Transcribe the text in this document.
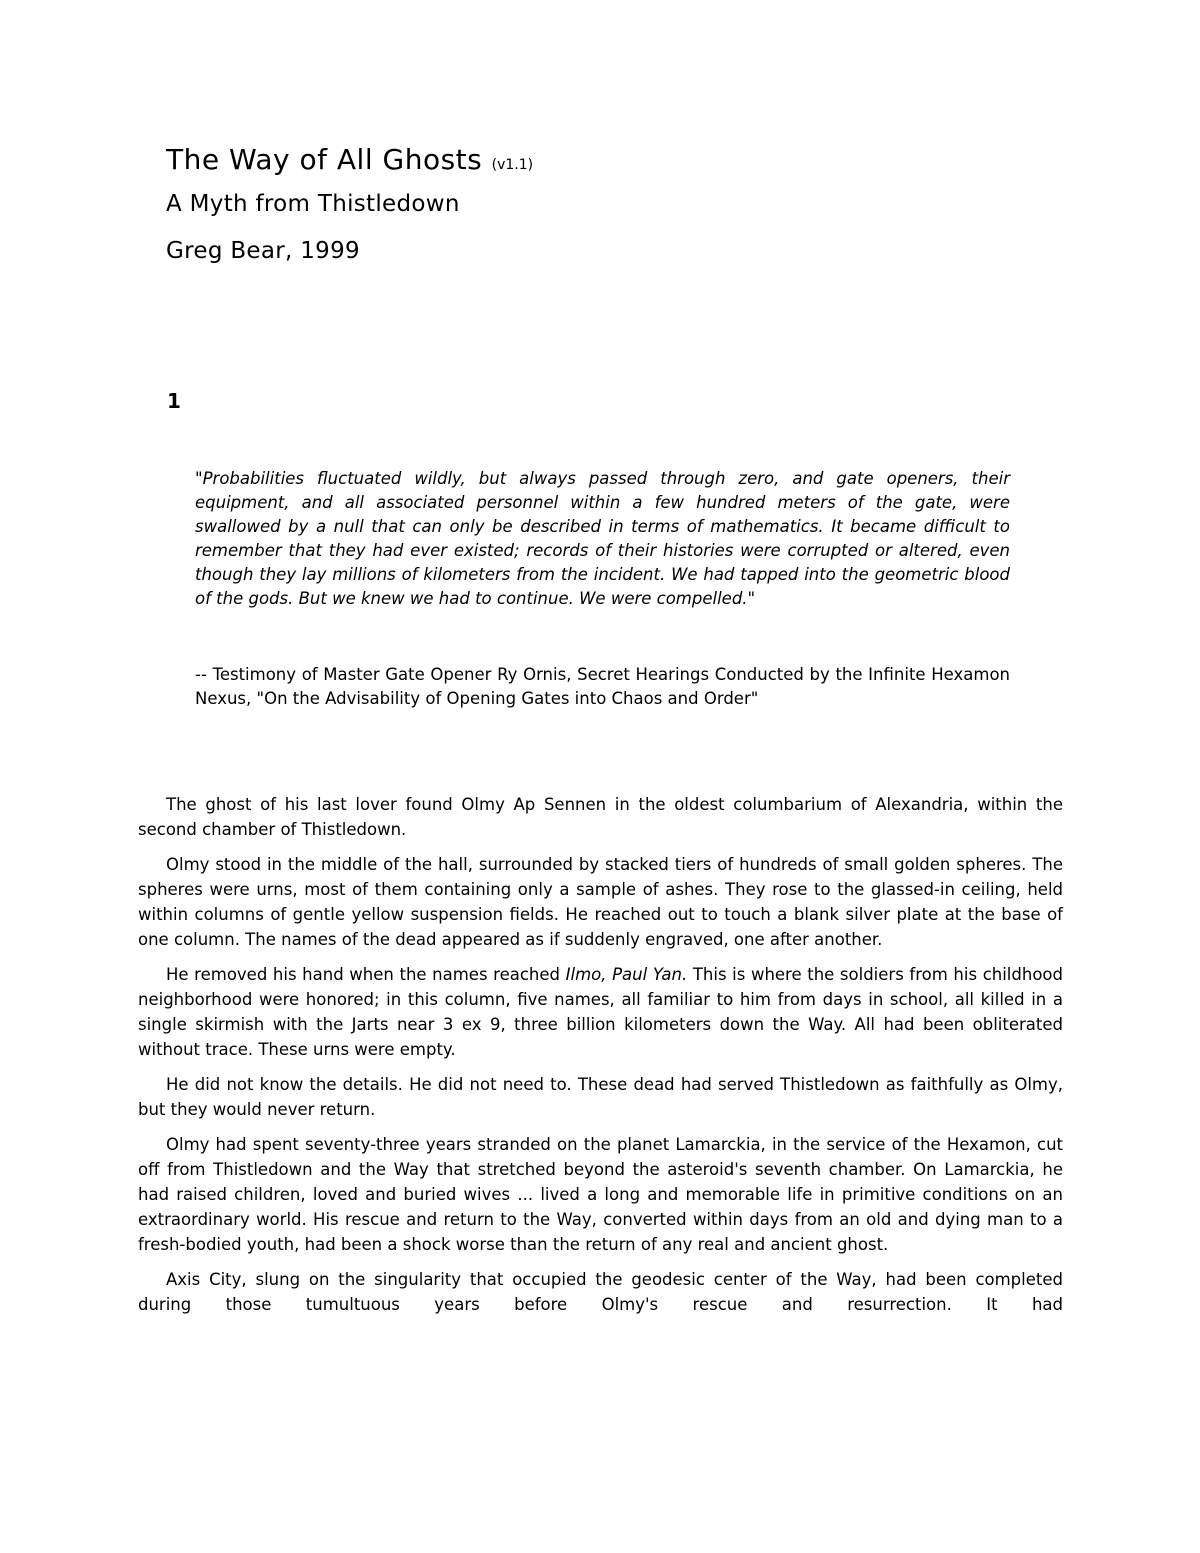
The Way of All Ghosts (v1.1)
A Myth from Thistledown
Greg Bear, 1999
1
"Probabilities fluctuated wildly, but always passed through zero, and gate openers, their equipment, and all associated personnel within a few hundred meters of the gate, were swallowed by a null that can only be described in terms of mathematics. It became difficult to remember that they had ever existed; records of their histories were corrupted or altered, even though they lay millions of kilometers from the incident. We had tapped into the geometric blood of the gods. But we knew we had to continue. We were compelled."
-- Testimony of Master Gate Opener Ry Ornis, Secret Hearings Conducted by the Infinite Hexamon Nexus, "On the Advisability of Opening Gates into Chaos and Order"

The ghost of his last lover found Olmy Ap Sennen in the oldest columbarium of Alexandria, within the second chamber of Thistledown.

Olmy stood in the middle of the hall, surrounded by stacked tiers of hundreds of small golden spheres. The spheres were urns, most of them containing only a sample of ashes. They rose to the glassed-in ceiling, held within columns of gentle yellow suspension fields. He reached out to touch a blank silver plate at the base of one column. The names of the dead appeared as if suddenly engraved, one after another.

He removed his hand when the names reached Ilmo, Paul Yan. This is where the soldiers from his childhood neighborhood were honored; in this column, five names, all familiar to him from days in school, all killed in a single skirmish with the Jarts near 3 ex 9, three billion kilometers down the Way. All had been obliterated without trace. These urns were empty.

He did not know the details. He did not need to. These dead had served Thistledown as faithfully as Olmy, but they would never return.

Olmy had spent seventy-three years stranded on the planet Lamarckia, in the service of the Hexamon, cut off from Thistledown and the Way that stretched beyond the asteroid's seventh chamber. On Lamarckia, he had raised children, loved and buried wives ... lived a long and memorable life in primitive conditions on an extraordinary world. His rescue and return to the Way, converted within days from an old and dying man to a fresh-bodied youth, had been a shock worse than the return of any real and ancient ghost.

Axis City, slung on the singularity that occupied the geodesic center of the Way, had been completed during those tumultuous years before Olmy's rescue and resurrection. It had
